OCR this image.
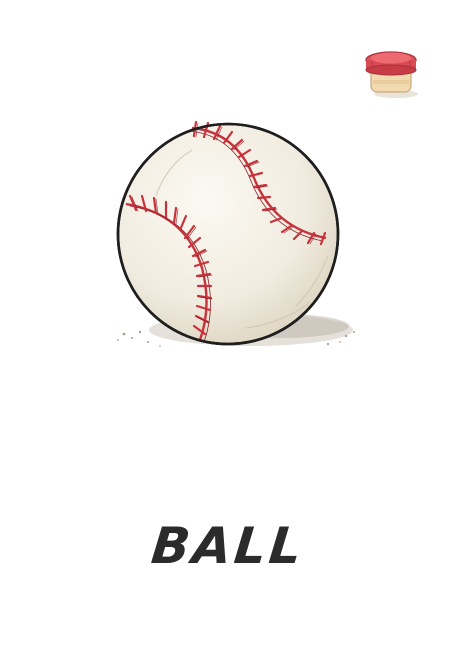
BALL
